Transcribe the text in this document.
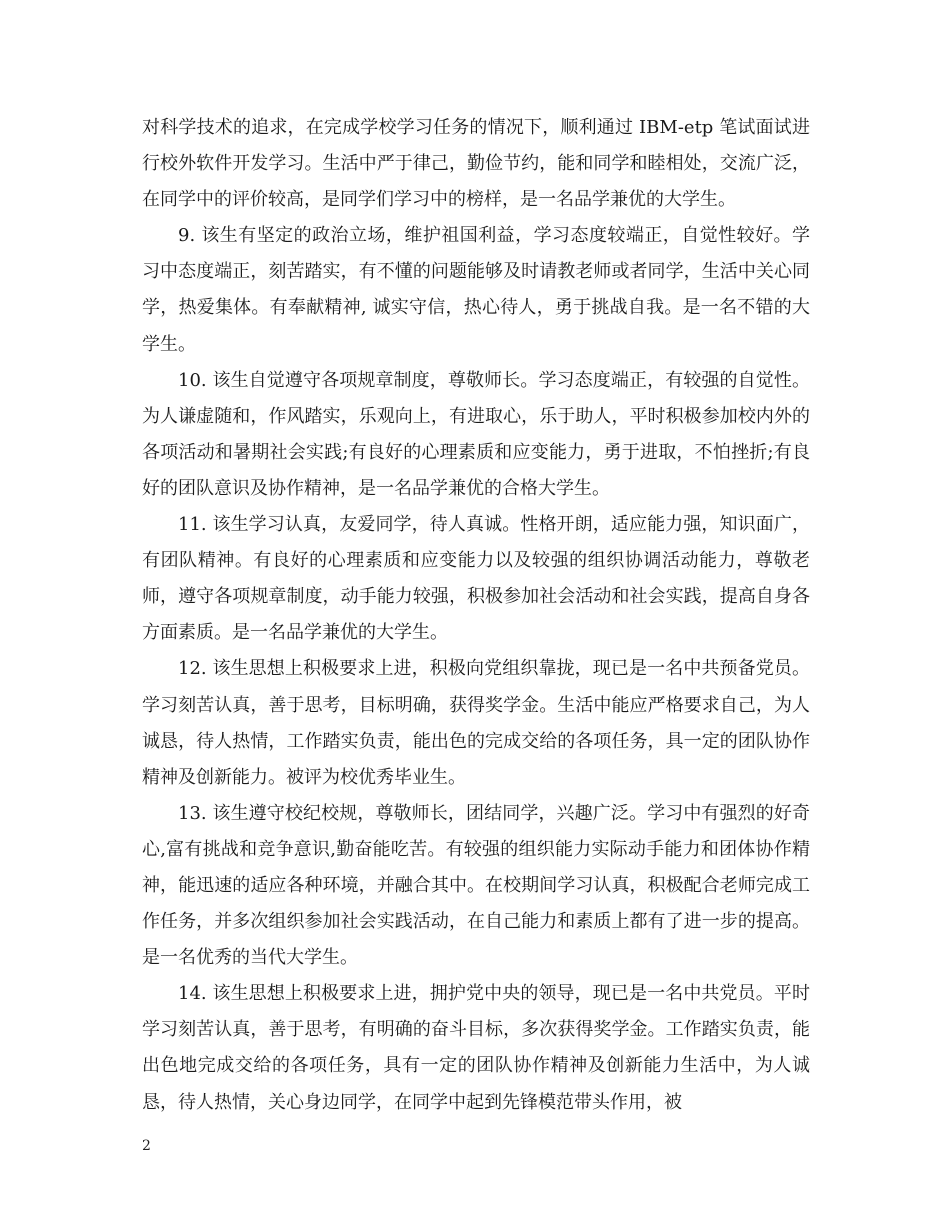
对科学技术的追求，在完成学校学习任务的情况下，顺利通过 IBM-etp 笔试面试进行校外软件开发学习。生活中严于律己，勤俭节约，能和同学和睦相处，交流广泛，在同学中的评价较高，是同学们学习中的榜样，是一名品学兼优的大学生。

9. 该生有坚定的政治立场，维护祖国利益，学习态度较端正，自觉性较好。学习中态度端正，刻苦踏实，有不懂的问题能够及时请教老师或者同学，生活中关心同学，热爱集体。有奉献精神, 诚实守信，热心待人，勇于挑战自我。是一名不错的大学生。

10. 该生自觉遵守各项规章制度，尊敬师长。学习态度端正，有较强的自觉性。为人谦虚随和，作风踏实，乐观向上，有进取心，乐于助人，平时积极参加校内外的各项活动和暑期社会实践;有良好的心理素质和应变能力，勇于进取，不怕挫折;有良好的团队意识及协作精神，是一名品学兼优的合格大学生。

11. 该生学习认真，友爱同学，待人真诚。性格开朗，适应能力强，知识面广，有团队精神。有良好的心理素质和应变能力以及较强的组织协调活动能力，尊敬老师，遵守各项规章制度，动手能力较强，积极参加社会活动和社会实践，提高自身各方面素质。是一名品学兼优的大学生。

12. 该生思想上积极要求上进，积极向党组织靠拢，现已是一名中共预备党员。学习刻苦认真，善于思考，目标明确，获得奖学金。生活中能应严格要求自己，为人诚恳，待人热情，工作踏实负责，能出色的完成交给的各项任务，具一定的团队协作精神及创新能力。被评为校优秀毕业生。

13. 该生遵守校纪校规，尊敬师长，团结同学，兴趣广泛。学习中有强烈的好奇心,富有挑战和竞争意识,勤奋能吃苦。有较强的组织能力实际动手能力和团体协作精神，能迅速的适应各种环境，并融合其中。在校期间学习认真，积极配合老师完成工作任务，并多次组织参加社会实践活动，在自己能力和素质上都有了进一步的提高。是一名优秀的当代大学生。

14. 该生思想上积极要求上进，拥护党中央的领导，现已是一名中共党员。平时学习刻苦认真，善于思考，有明确的奋斗目标，多次获得奖学金。工作踏实负责，能出色地完成交给的各项任务，具有一定的团队协作精神及创新能力生活中，为人诚恳，待人热情，关心身边同学，在同学中起到先锋模范带头作用，被

2
